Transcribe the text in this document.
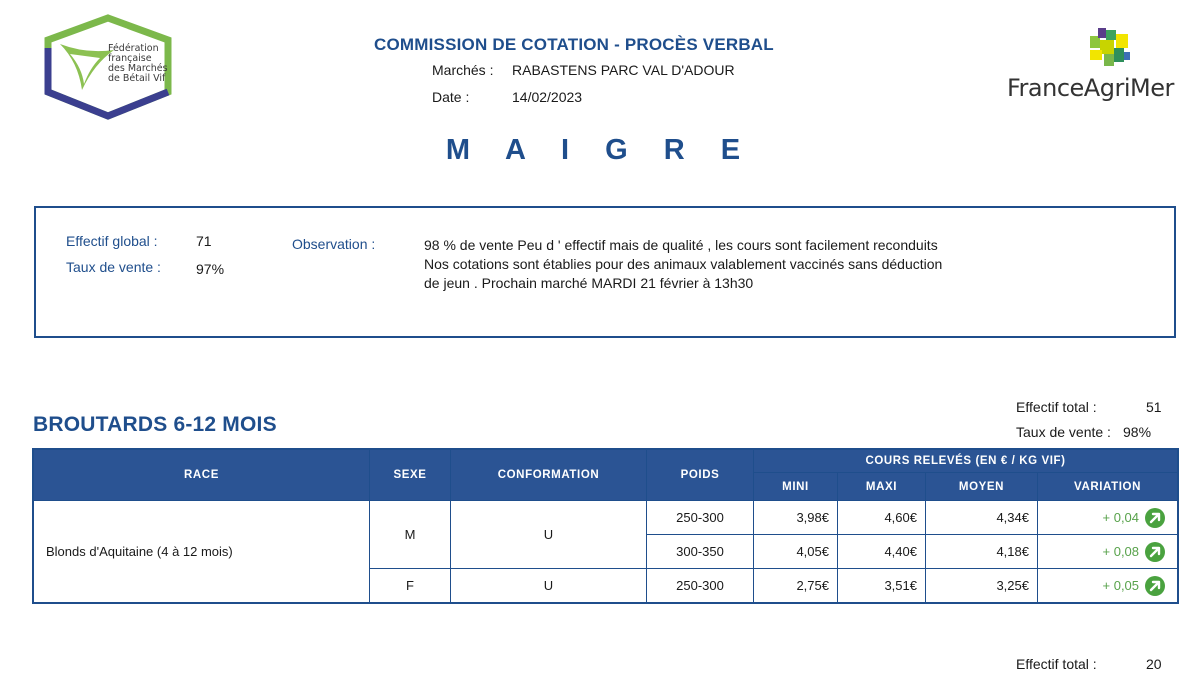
Fédération
française
des Marchés
de Bétail Vif
COMMISSION DE COTATION - PROCÈS VERBAL
Marchés : RABASTENS PARC VAL D'ADOUR
Date :	14/02/2023	FranceAgriMer
M A I G R E
Effectif global :	71
Taux de vente :	97%
Observation :	98 % de vente Peu d ' effectif mais de qualité , les cours sont facilement reconduits Nos cotations sont établies pour des animaux valablement vaccinés sans déduction de jeun . Prochain marché MARDI 21 février à 13h30
BROUTARDS 6-12 MOIS
Effectif total :	51
Taux de vente : 98%
RACE	SEXE	CONFORMATION	POIDS	COURS RELEVÉS (EN € / KG VIF)			
				MINI	MAXI	MOYEN	VARIATION
Blonds d'Aquitaine (4 à 12 mois)	M	U	250-300	3,98€	4,60€	4,34€	+ 0,04

			300-350	4,05€	4,40€	4,18€	+ 0,08

	F	U	250-300	2,75€	3,51€	3,25€	+ 0,05
Effectif total :	20
